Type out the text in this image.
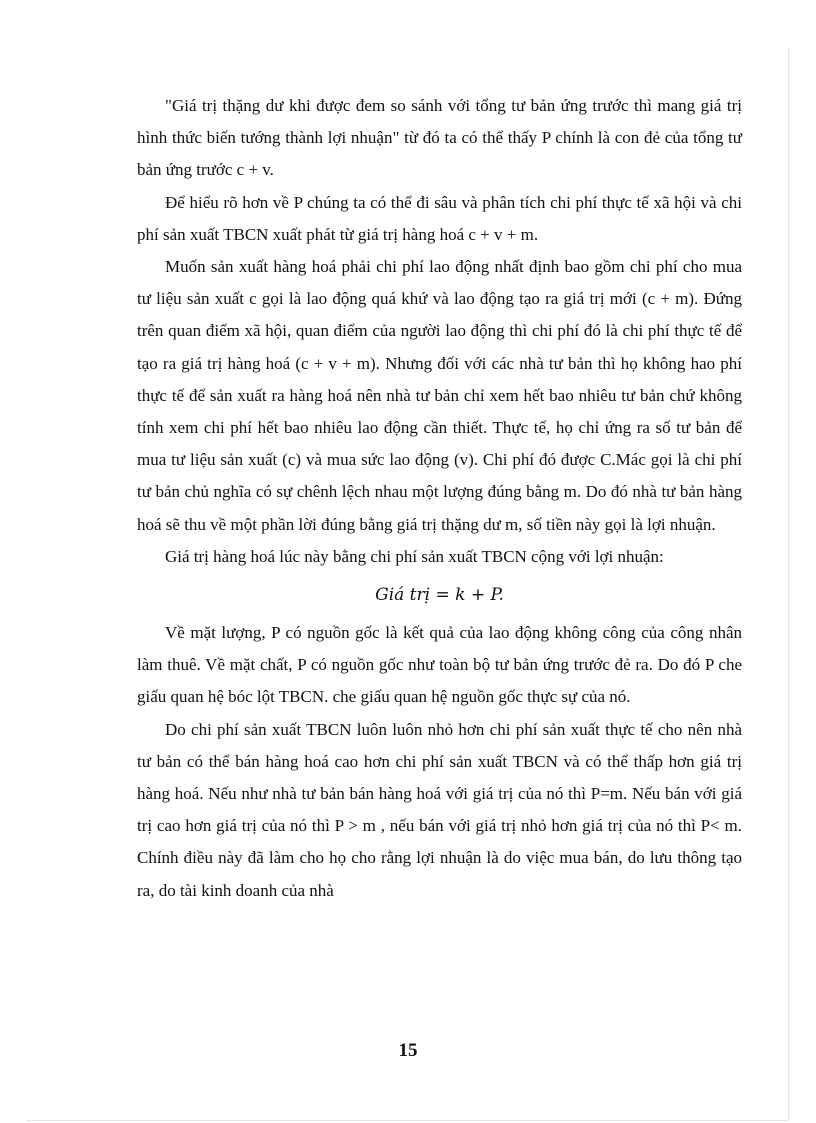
"Giá trị thặng dư khi được đem so sánh với tổng tư bản ứng trước thì mang giá trị hình thức biến tướng thành lợi nhuận" từ đó ta có thể thấy P chính là con đẻ của tổng tư bản ứng trước c + v.

Để hiểu rõ hơn về P chúng ta có thể đi sâu và phân tích chi phí thực tế xã hội và chi phí sản xuất TBCN xuất phát từ giá trị hàng hoá c + v + m.

Muốn sản xuất hàng hoá phải chi phí lao động nhất định bao gồm chi phí cho mua tư liệu sản xuất c gọi là lao động quá khứ và lao động tạo ra giá trị mới (c + m). Đứng trên quan điểm xã hội, quan điểm của người lao động thì chi phí đó là chi phí thực tế để tạo ra giá trị hàng hoá (c + v + m). Nhưng đối với các nhà tư bản thì họ không hao phí thực tế để sản xuất ra hàng hoá nên nhà tư bản chỉ xem hết bao nhiêu tư bản chứ không tính xem chi phí hết bao nhiêu lao động cần thiết. Thực tế, họ chỉ ứng ra số tư bản để mua tư liệu sản xuất (c) và mua sức lao động (v). Chi phí đó được C.Mác gọi là chi phí tư bản chủ nghĩa có sự chênh lệch nhau một lượng đúng bằng m. Do đó nhà tư bản hàng hoá sẽ thu về một phần lời đúng bằng giá trị thặng dư m, số tiền này gọi là lợi nhuận.

Giá trị hàng hoá lúc này bằng chi phí sản xuất TBCN cộng với lợi nhuận:

Giá trị = k + P.

Về mặt lượng, P có nguồn gốc là kết quả của lao động không công của công nhân làm thuê. Về mặt chất, P có nguồn gốc như toàn bộ tư bản ứng trước đẻ ra. Do đó P che giấu quan hệ bóc lột TBCN. che giấu quan hệ nguồn gốc thực sự của nó.

Do chi phí sản xuất TBCN luôn luôn nhỏ hơn chi phí sản xuất thực tế cho nên nhà tư bản có thể bán hàng hoá cao hơn chi phí sản xuất TBCN và có thể thấp hơn giá trị hàng hoá. Nếu như nhà tư bản bán hàng hoá với giá trị của nó thì P=m. Nếu bán với giá trị cao hơn giá trị của nó thì P > m , nếu bán với giá trị nhỏ hơn giá trị của nó thì P< m. Chính điều này đã làm cho họ cho rằng lợi nhuận là do việc mua bán, do lưu thông tạo ra, do tài kinh doanh của nhà

15
